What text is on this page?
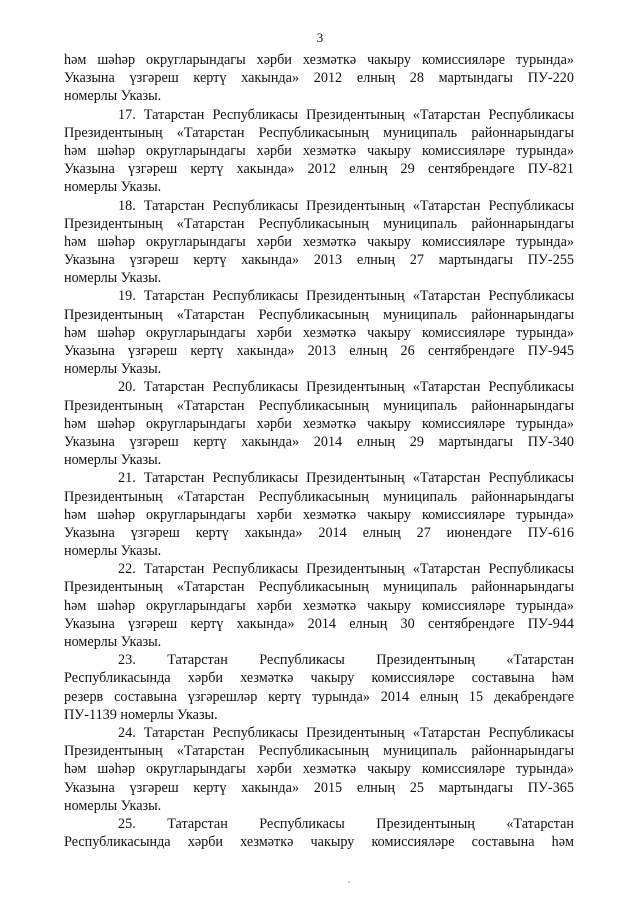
3
һәм шәһәр округларындагы хәрби хезмәткә чакыру комиссияләре турында»
Указына үзгәреш кертү хакында» 2012 елның 28 мартындагы ПУ-220
номерлы Указы.
17. Татарстан Республикасы Президентының «Татарстан Республикасы
Президентының «Татарстан Республикасының муниципаль районнарындагы
һәм шәһәр округларындагы хәрби хезмәткә чакыру комиссияләре турында»
Указына үзгәреш кертү хакында» 2012 елның 29 сентябрендәге ПУ-821
номерлы Указы.
18. Татарстан Республикасы Президентының «Татарстан Республикасы
Президентының «Татарстан Республикасының муниципаль районнарындагы
һәм шәһәр округларындагы хәрби хезмәткә чакыру комиссияләре турында»
Указына үзгәреш кертү хакында» 2013 елның 27 мартындагы ПУ-255
номерлы Указы.
19. Татарстан Республикасы Президентының «Татарстан Республикасы
Президентының «Татарстан Республикасының муниципаль районнарындагы
һәм шәһәр округларындагы хәрби хезмәткә чакыру комиссияләре турында»
Указына үзгәреш кертү хакында» 2013 елның 26 сентябрендәге ПУ-945
номерлы Указы.
20. Татарстан Республикасы Президентының «Татарстан Республикасы
Президентының «Татарстан Республикасының муниципаль районнарындагы
һәм шәһәр округларындагы хәрби хезмәткә чакыру комиссияләре турында»
Указына үзгәреш кертү хакында» 2014 елның 29 мартындагы ПУ-340
номерлы Указы.
21. Татарстан Республикасы Президентының «Татарстан Республикасы
Президентының «Татарстан Республикасының муниципаль районнарындагы
һәм шәһәр округларындагы хәрби хезмәткә чакыру комиссияләре турында»
Указына үзгәреш кертү хакында» 2014 елның 27 июнендәге ПУ-616
номерлы Указы.
22. Татарстан Республикасы Президентының «Татарстан Республикасы
Президентының «Татарстан Республикасының муниципаль районнарындагы
һәм шәһәр округларындагы хәрби хезмәткә чакыру комиссияләре турында»
Указына үзгәреш кертү хакында» 2014 елның 30 сентябрендәге ПУ-944
номерлы Указы.
23. Татарстан Республикасы Президентының «Татарстан
Республикасында хәрби хезмәткә чакыру комиссияләре составына һәм
резерв составына үзгәрешләр кертү турында» 2014 елның 15 декабрендәге
ПУ-1139 номерлы Указы.
24. Татарстан Республикасы Президентының «Татарстан Республикасы
Президентының «Татарстан Республикасының муниципаль районнарындагы
һәм шәһәр округларындагы хәрби хезмәткә чакыру комиссияләре турында»
Указына үзгәреш кертү хакында» 2015 елның 25 мартындагы ПУ-365
номерлы Указы.
25. Татарстан Республикасы Президентының «Татарстан
Республикасында хәрби хезмәткә чакыру комиссияләре составына һәм
